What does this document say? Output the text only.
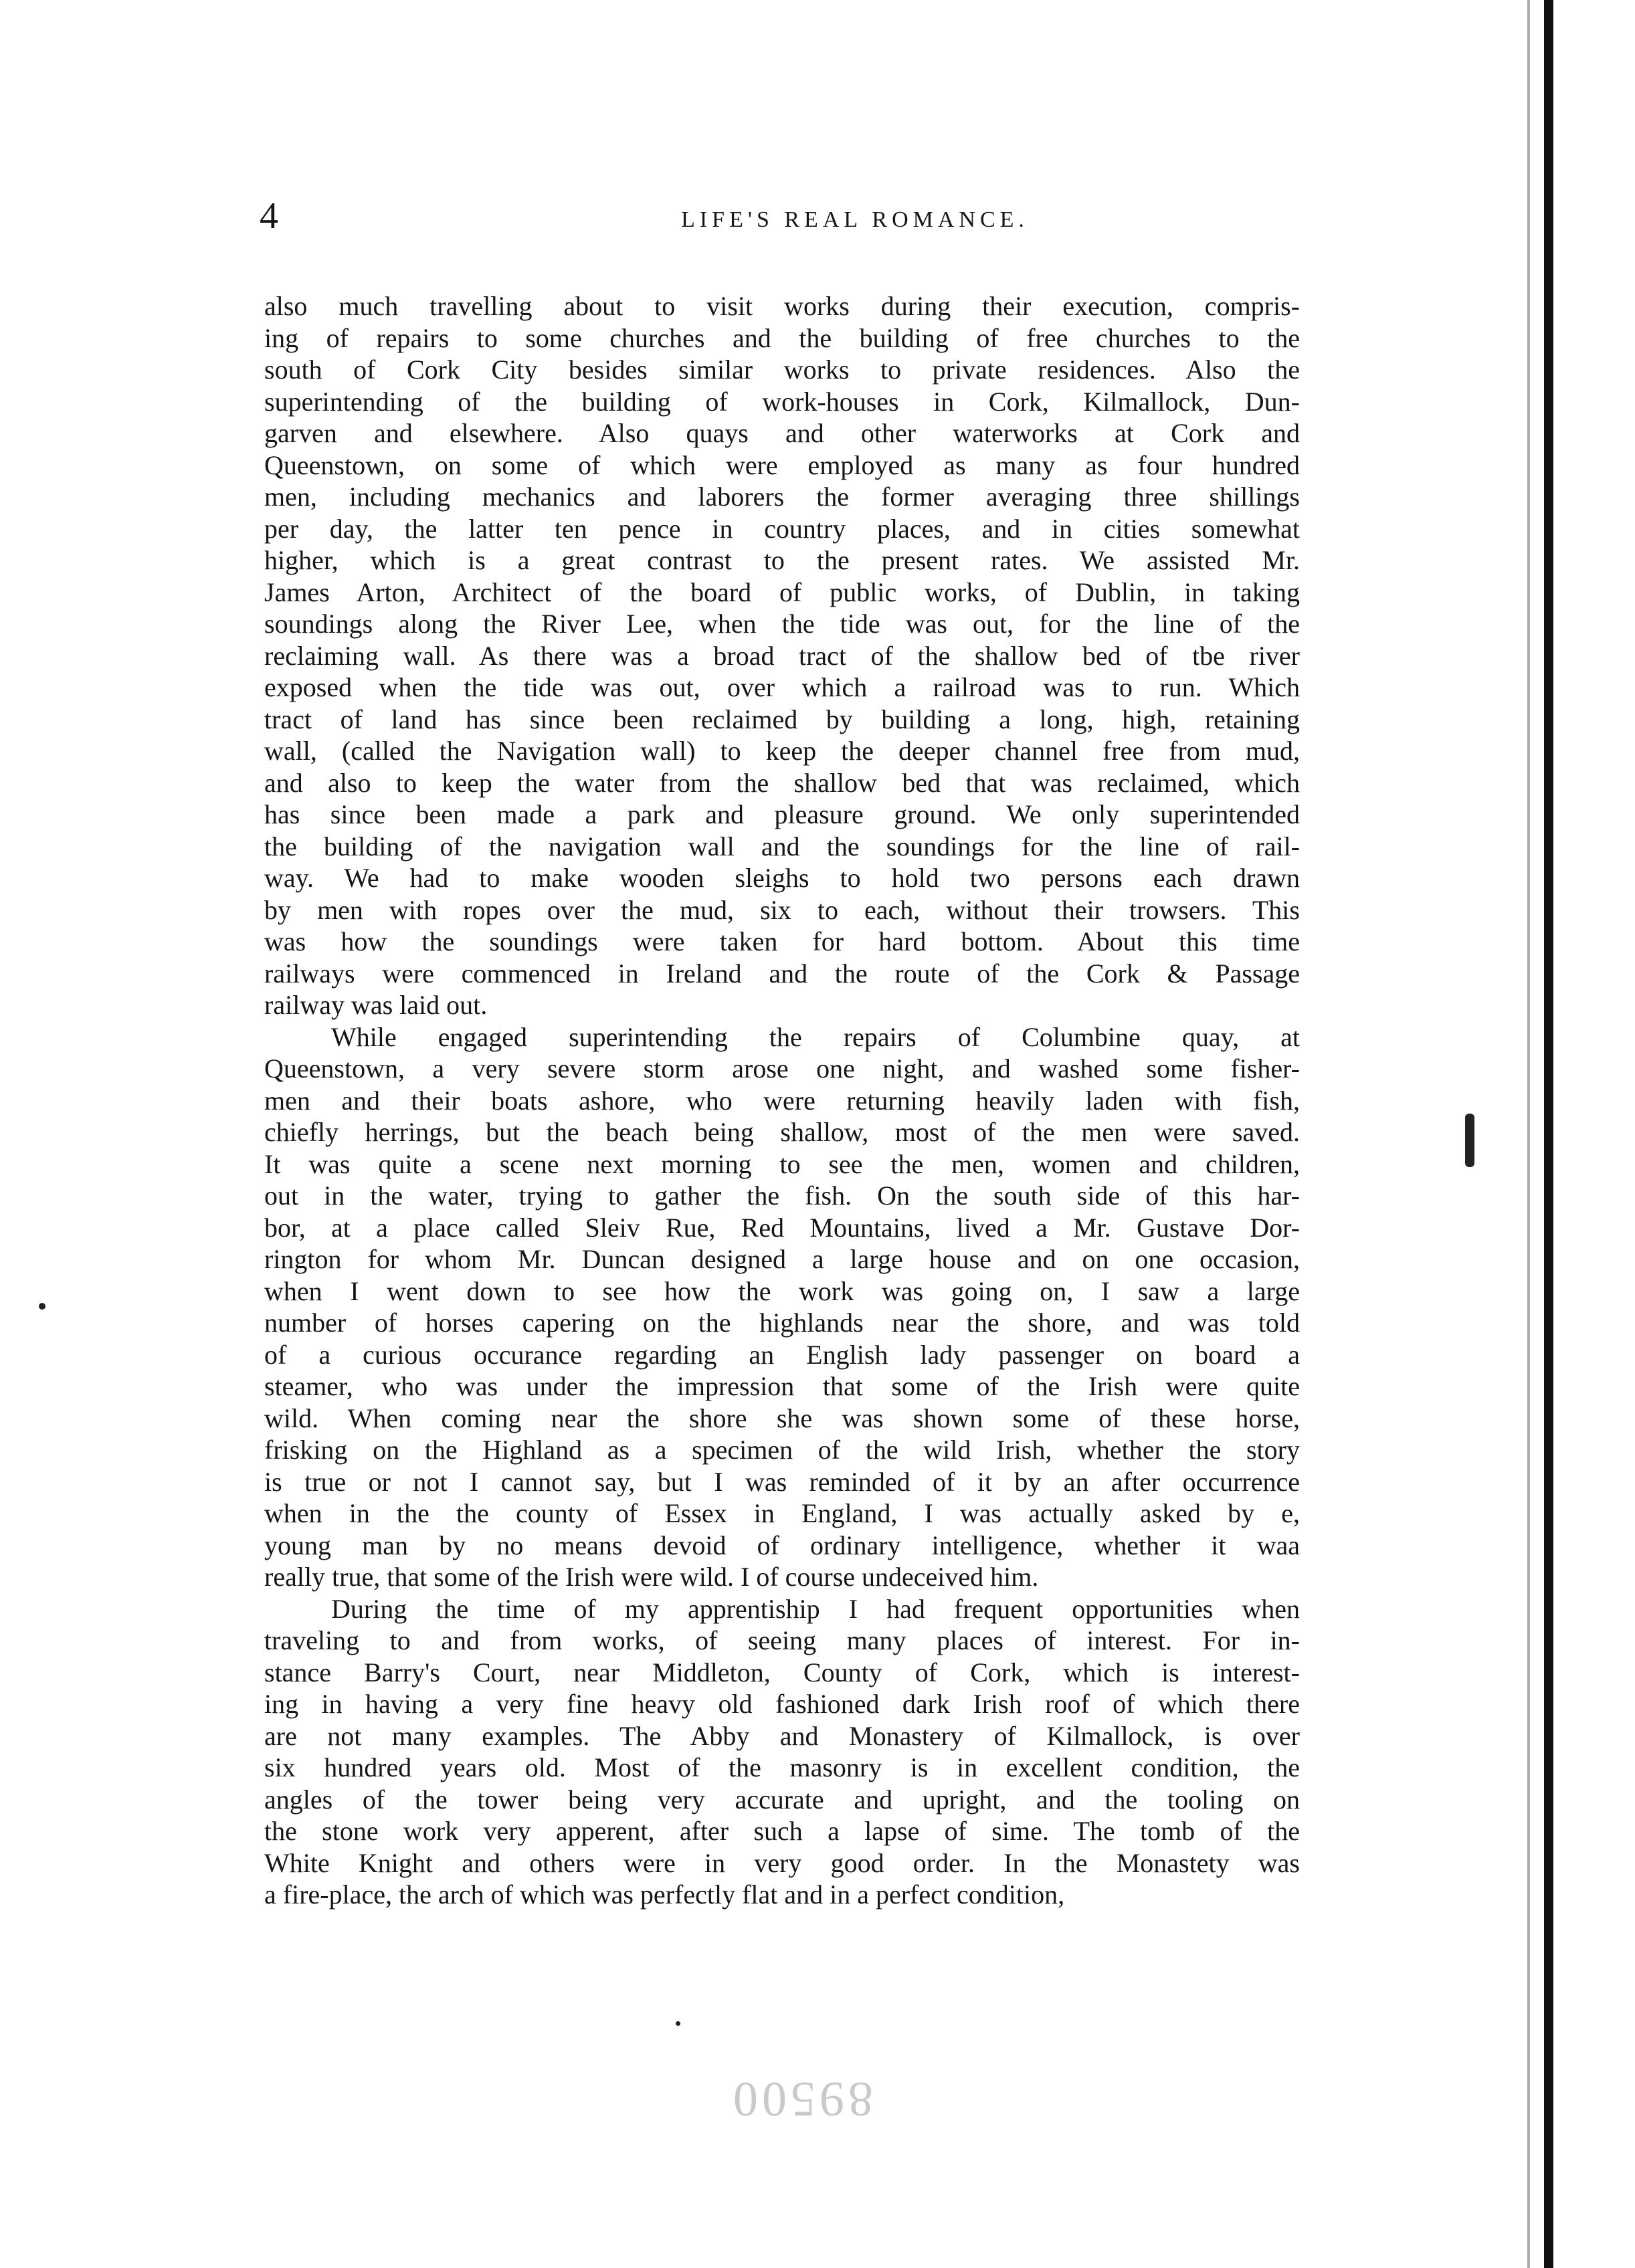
4	LIFE'S REAL ROMANCE.
also much travelling about to visit works during their execution, compris-
ing of repairs to some churches and the building of free churches to the
south of Cork City besides similar works to private residences. Also the
superintending of the building of work-houses in Cork, Kilmallock, Dun-
garven and elsewhere. Also quays and other waterworks at Cork and
Queenstown, on some of which were employed as many as four hundred
men, including mechanics and laborers the former averaging three shillings
per day, the latter ten pence in country places, and in cities somewhat
higher, which is a great contrast to the present rates. We assisted Mr.
James Arton, Architect of the board of public works, of Dublin, in taking
soundings along the River Lee, when the tide was out, for the line of the
reclaiming wall. As there was a broad tract of the shallow bed of tbe river
exposed when the tide was out, over which a railroad was to run. Which
tract of land has since been reclaimed by building a long, high, retaining
wall, (called the Navigation wall) to keep the deeper channel free from mud,
and also to keep the water from the shallow bed that was reclaimed, which
has since been made a park and pleasure ground. We only superintended
the building of the navigation wall and the soundings for the line of rail-
way. We had to make wooden sleighs to hold two persons each drawn
by men with ropes over the mud, six to each, without their trowsers. This
was how the soundings were taken for hard bottom. About this time
railways were commenced in Ireland and the route of the Cork & Passage
railway was laid out.
While engaged superintending the repairs of Columbine quay, at
Queenstown, a very severe storm arose one night, and washed some fisher-
men and their boats ashore, who were returning heavily laden with fish,
chiefly herrings, but the beach being shallow, most of the men were saved.
It was quite a scene next morning to see the men, women and children,
out in the water, trying to gather the fish. On the south side of this har-
bor, at a place called Sleiv Rue, Red Mountains, lived a Mr. Gustave Dor-
rington for whom Mr. Duncan designed a large house and on one occasion,
when I went down to see how the work was going on, I saw a large
number of horses capering on the highlands near the shore, and was told
of a curious occurance regarding an English lady passenger on board a
steamer, who was under the impression that some of the Irish were quite
wild. When coming near the shore she was shown some of these horse,
frisking on the Highland as a specimen of the wild Irish, whether the story
is true or not I cannot say, but I was reminded of it by an after occurrence
when in the the county of Essex in England, I was actually asked by e,
young man by no means devoid of ordinary intelligence, whether it waa
really true, that some of the Irish were wild. I of course undeceived him.
During the time of my apprentiship I had frequent opportunities when
traveling to and from works, of seeing many places of interest. For in-
stance Barry's Court, near Middleton, County of Cork, which is interest-
ing in having a very fine heavy old fashioned dark Irish roof of which there
are not many examples. The Abby and Monastery of Kilmallock, is over
six hundred years old. Most of the masonry is in excellent condition, the
angles of the tower being very accurate and upright, and the tooling on
the stone work very apperent, after such a lapse of sime. The tomb of the
White Knight and others were in very good order. In the Monastety was
a fire-place, the arch of which was perfectly flat and in a perfect condition,
89500
